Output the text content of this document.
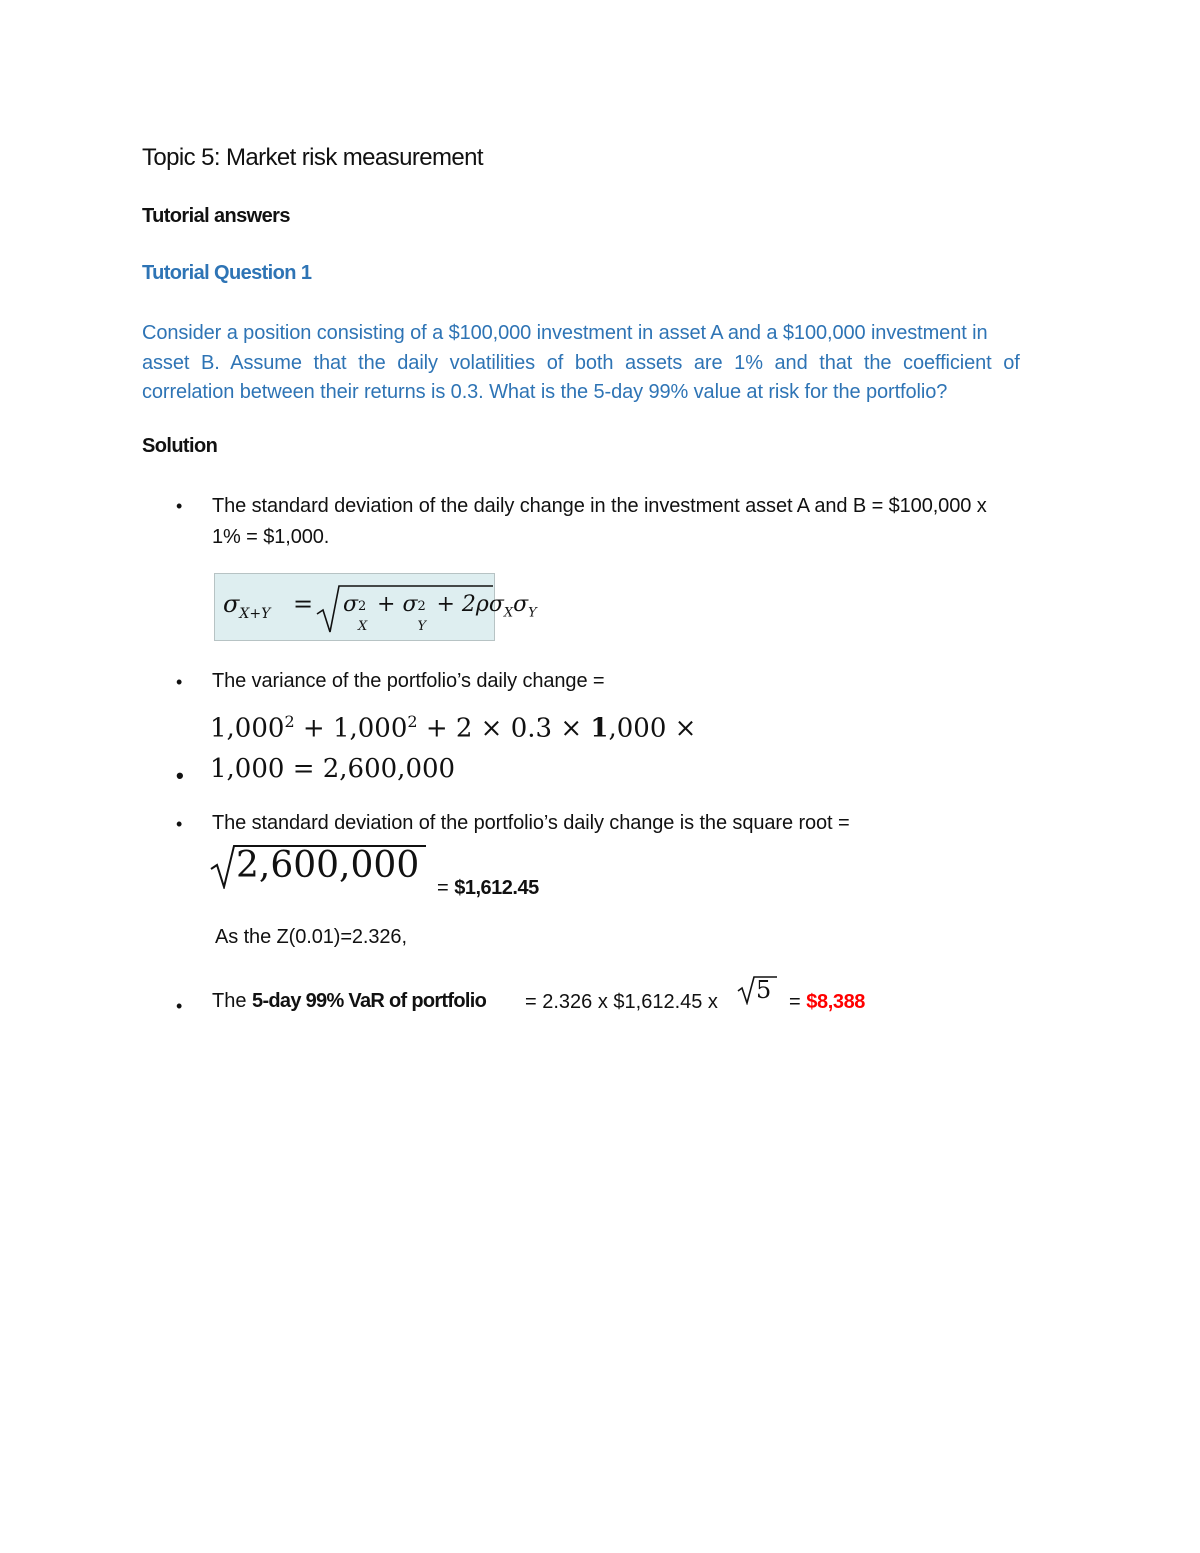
Topic 5: Market risk measurement
Tutorial answers
Tutorial Question 1
Consider a position consisting of a $100,000 investment in asset A and a $100,000 investment in
asset B. Assume that the daily volatilities of both assets are 1% and that the coefficient of
correlation between their returns is 0.3. What is the 5-day 99% value at risk for the portfolio?
Solution
• The standard deviation of the daily change in the investment asset A and B = $100,000 x
1% = $1,000.
$\sigma_{X+Y} = \sigma$ 2
X
+ σ 2
Y
+ $2\rho\sigma_X\sigma_Y$
• The variance of the portfolio’s daily change =
$1,000^2 + 1,000^2 + 2 \times 0.3 \times 1,000$ ×
• 1,000 = 2,600,000
• The standard deviation of the portfolio’s daily change is the square root =
2,600,000
= $1,612.45
As the Z(0.01)=2.326,
• The 5-day 99% VaR of portfolio = 2.326 x $1,612.45 x 5 = $8,388
